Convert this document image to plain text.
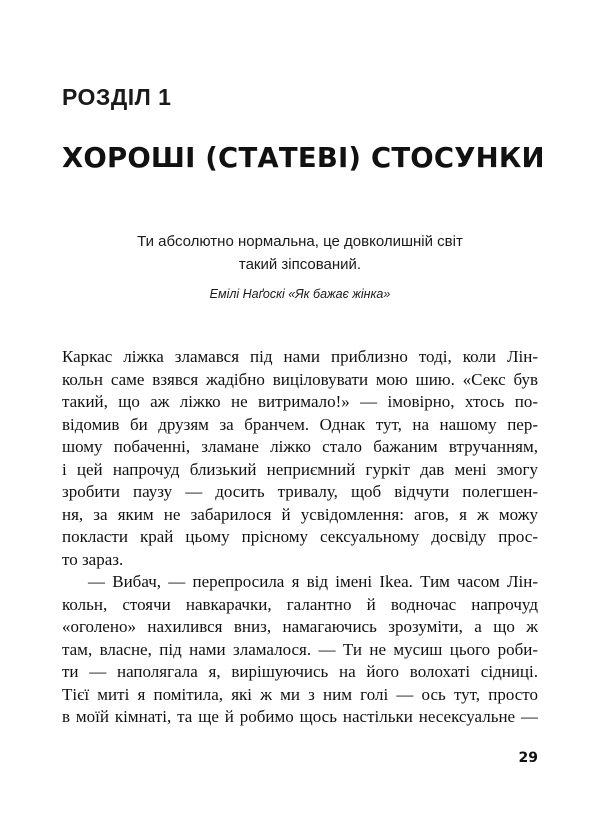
РОЗДІЛ 1
ХОРОШІ (СТАТЕВІ) СТОСУНКИ
Ти абсолютно нормальна, це довколишній світ
такий зіпсований.
Емілі Наґоскі «Як бажає жінка»
Каркас ліжка зламався під нами приблизно тоді, коли Лін-
кольн саме взявся жадібно виціловувати мою шию. «Секс був
такий, що аж ліжко не витримало!» — імовірно, хтось по-
відомив би друзям за бранчем. Однак тут, на нашому пер-
шому побаченні, зламане ліжко стало бажаним втручанням,
і цей напрочуд близький неприємний гуркіт дав мені змогу
зробити паузу — досить тривалу, щоб відчути полегшен-
ня, за яким не забарилося й усвідомлення: агов, я ж можу
покласти край цьому прісному сексуальному досвіду прос-
то зараз.
— Вибач, — перепросила я від імені Ikea. Тим часом Лін-
кольн, стоячи навкарачки, галантно й водночас напрочуд
«оголено» нахилився вниз, намагаючись зрозуміти, а що ж
там, власне, під нами зламалося. — Ти не мусиш цього роби-
ти — наполягала я, вирішуючись на його волохаті сідниці.
Тієї миті я помітила, які ж ми з ним голі — ось тут, просто
в моїй кімнаті, та ще й робимо щось настільки несексуальне —
29
